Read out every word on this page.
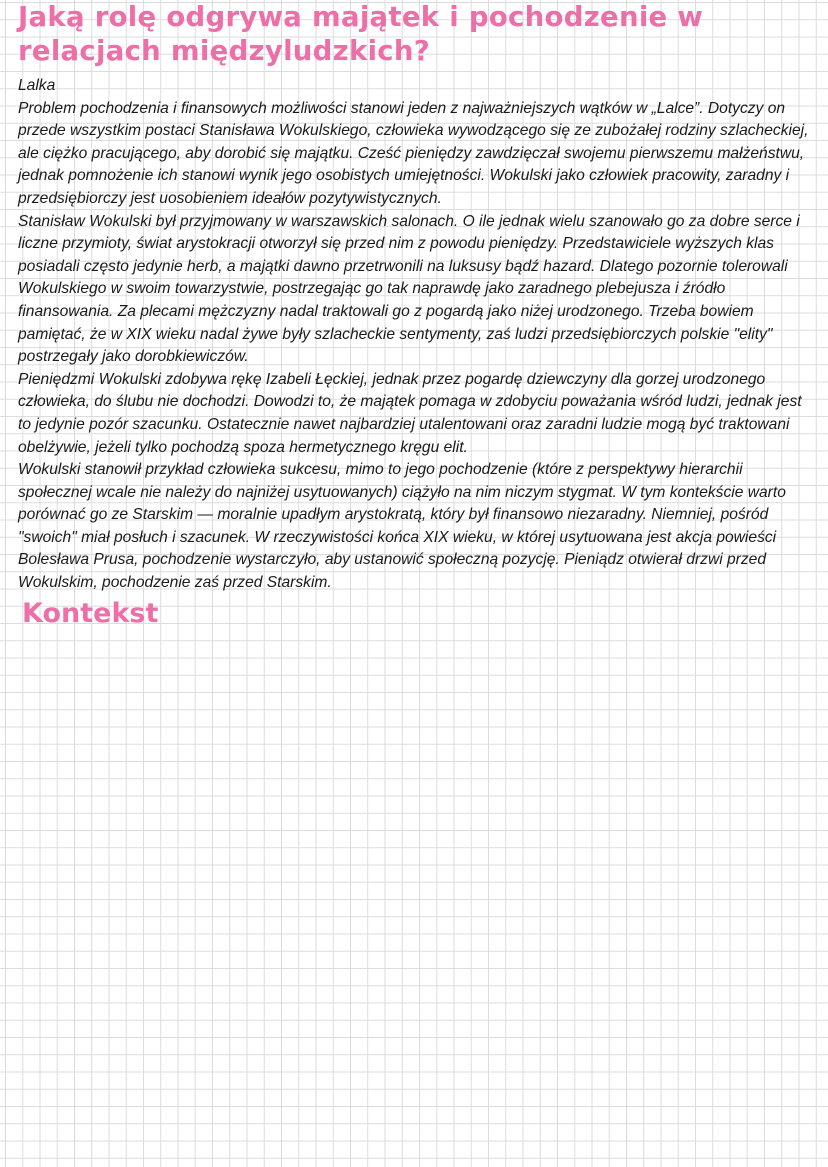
Jaką rolę odgrywa majątek i pochodzenie w relacjach międzyludzkich?

Lalka

Problem pochodzenia i finansowych możliwości stanowi jeden z najważniejszych wątków w „Lalce”. Dotyczy on przede wszystkim postaci Stanisława Wokulskiego, człowieka wywodzącego się ze zubożałej rodziny szlacheckiej, ale ciężko pracującego, aby dorobić się majątku. Cześć pieniędzy zawdzięczał swojemu pierwszemu małżeństwu, jednak pomnożenie ich stanowi wynik jego osobistych umiejętności. Wokulski jako człowiek pracowity, zaradny i przedsiębiorczy jest uosobieniem ideałów pozytywistycznych.

Stanisław Wokulski był przyjmowany w warszawskich salonach. O ile jednak wielu szanowało go za dobre serce i liczne przymioty, świat arystokracji otworzył się przed nim z powodu pieniędzy. Przedstawiciele wyższych klas posiadali często jedynie herb, a majątki dawno przetrwonili na luksusy bądź hazard. Dlatego pozornie tolerowali Wokulskiego w swoim towarzystwie, postrzegając go tak naprawdę jako zaradnego plebejusza i źródło finansowania. Za plecami mężczyzny nadal traktowali go z pogardą jako niżej urodzonego. Trzeba bowiem pamiętać, że w XIX wieku nadal żywe były szlacheckie sentymenty, zaś ludzi przedsiębiorczych polskie "elity" postrzegały jako dorobkiewiczów.

Pieniędzmi Wokulski zdobywa rękę Izabeli Łęckiej, jednak przez pogardę dziewczyny dla gorzej urodzonego człowieka, do ślubu nie dochodzi. Dowodzi to, że majątek pomaga w zdobyciu poważania wśród ludzi, jednak jest to jedynie pozór szacunku. Ostatecznie nawet najbardziej utalentowani oraz zaradni ludzie mogą być traktowani obelżywie, jeżeli tylko pochodzą spoza hermetycznego kręgu elit.

Wokulski stanowił przykład człowieka sukcesu, mimo to jego pochodzenie (które z perspektywy hierarchii społecznej wcale nie należy do najniżej usytuowanych) ciążyło na nim niczym stygmat. W tym kontekście warto porównać go ze Starskim — moralnie upadłym arystokratą, który był finansowo niezaradny. Niemniej, pośród "swoich" miał posłuch i szacunek. W rzeczywistości końca XIX wieku, w której usytuowana jest akcja powieści Bolesława Prusa, pochodzenie wystarczyło, aby ustanowić społeczną pozycję. Pieniądz otwierał drzwi przed Wokulskim, pochodzenie zaś przed Starskim.

Kontekst
